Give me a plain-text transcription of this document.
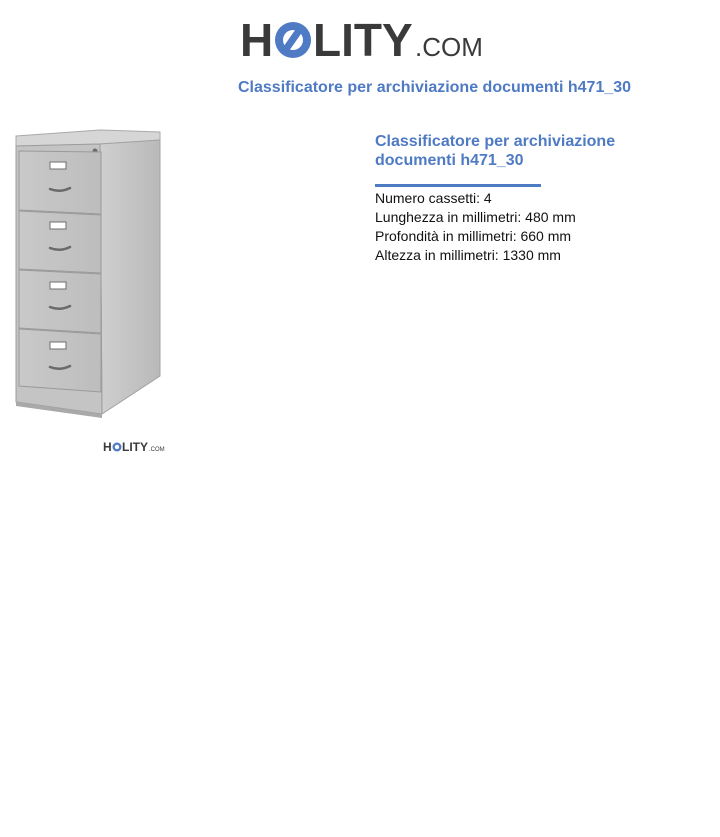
H LITY .COM
Classificatore per archiviazione documenti h471_30
H LITY .COM
Classificatore per archiviazione documenti h471_30
Numero cassetti: 4
Lunghezza in millimetri: 480 mm
Profondità in millimetri: 660 mm
Altezza in millimetri: 1330 mm
